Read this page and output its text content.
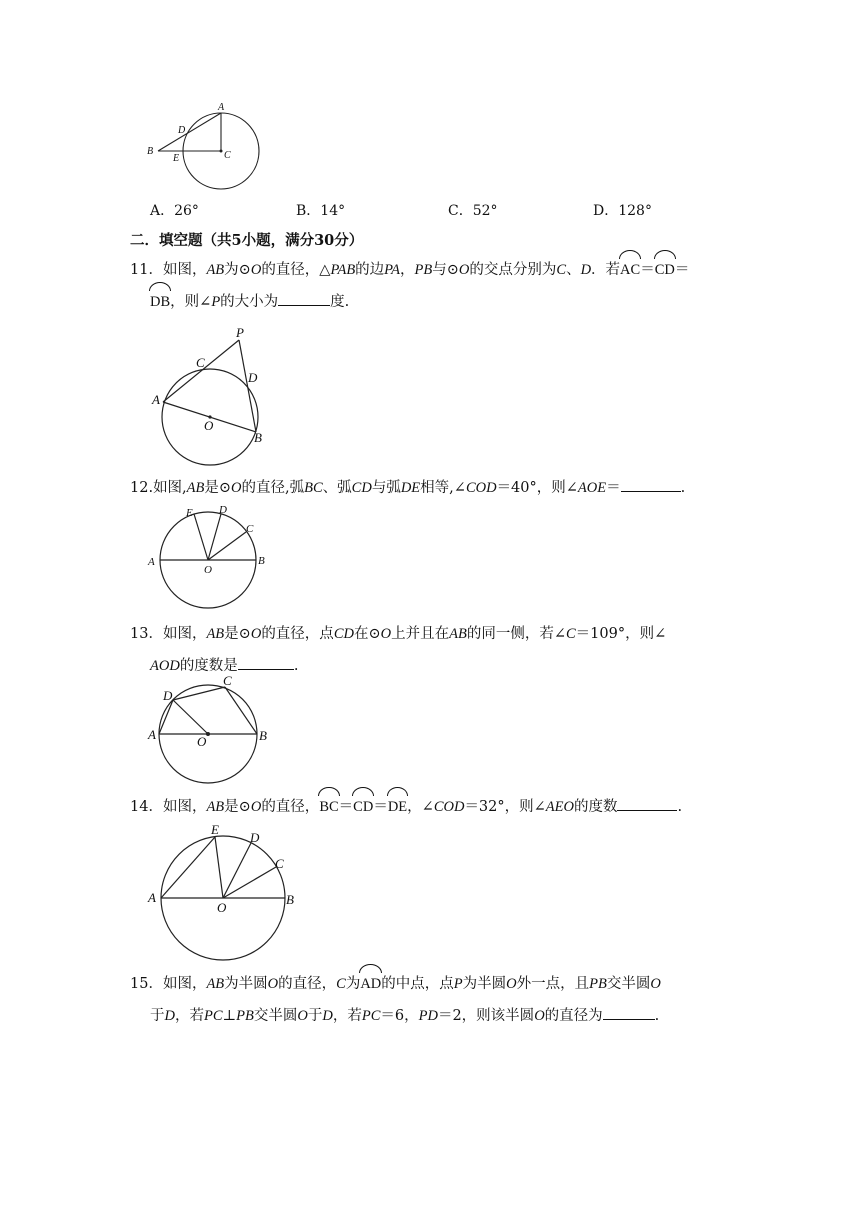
A
D
B
E	C
A．26°	B．14°	C．52°	D．128°
二．填空题（共5小题，满分30分）
11．如图，AB为⊙O的直径，△PAB的边PA，PB与⊙O的交点分别为C、D．若AC＝CD＝
DB，则∠P的大小为	度.
P
C
D
A
O
B
12.如图,AB是⊙O的直径,弧BC、弧CD与弧DE相等,∠COD＝40°，则∠AOE＝	.
E D
C
A
O
B
13．如图，AB是⊙O的直径，点CD在⊙O上并且在AB的同一侧，若∠C＝109°，则∠
AOD的度数是	.
D
C
A	O	B
14．如图，AB是⊙O的直径，BC＝CD＝DE，∠COD＝32°，则∠AEO的度数	.
E
D
C
A
O
B
15．如图，AB为半圆O的直径，C为AD的中点，点P为半圆O外一点，且PB交半圆O
于D，若PC⊥PB交半圆O于D，若PC＝6，PD＝2，则该半圆O的直径为	.
